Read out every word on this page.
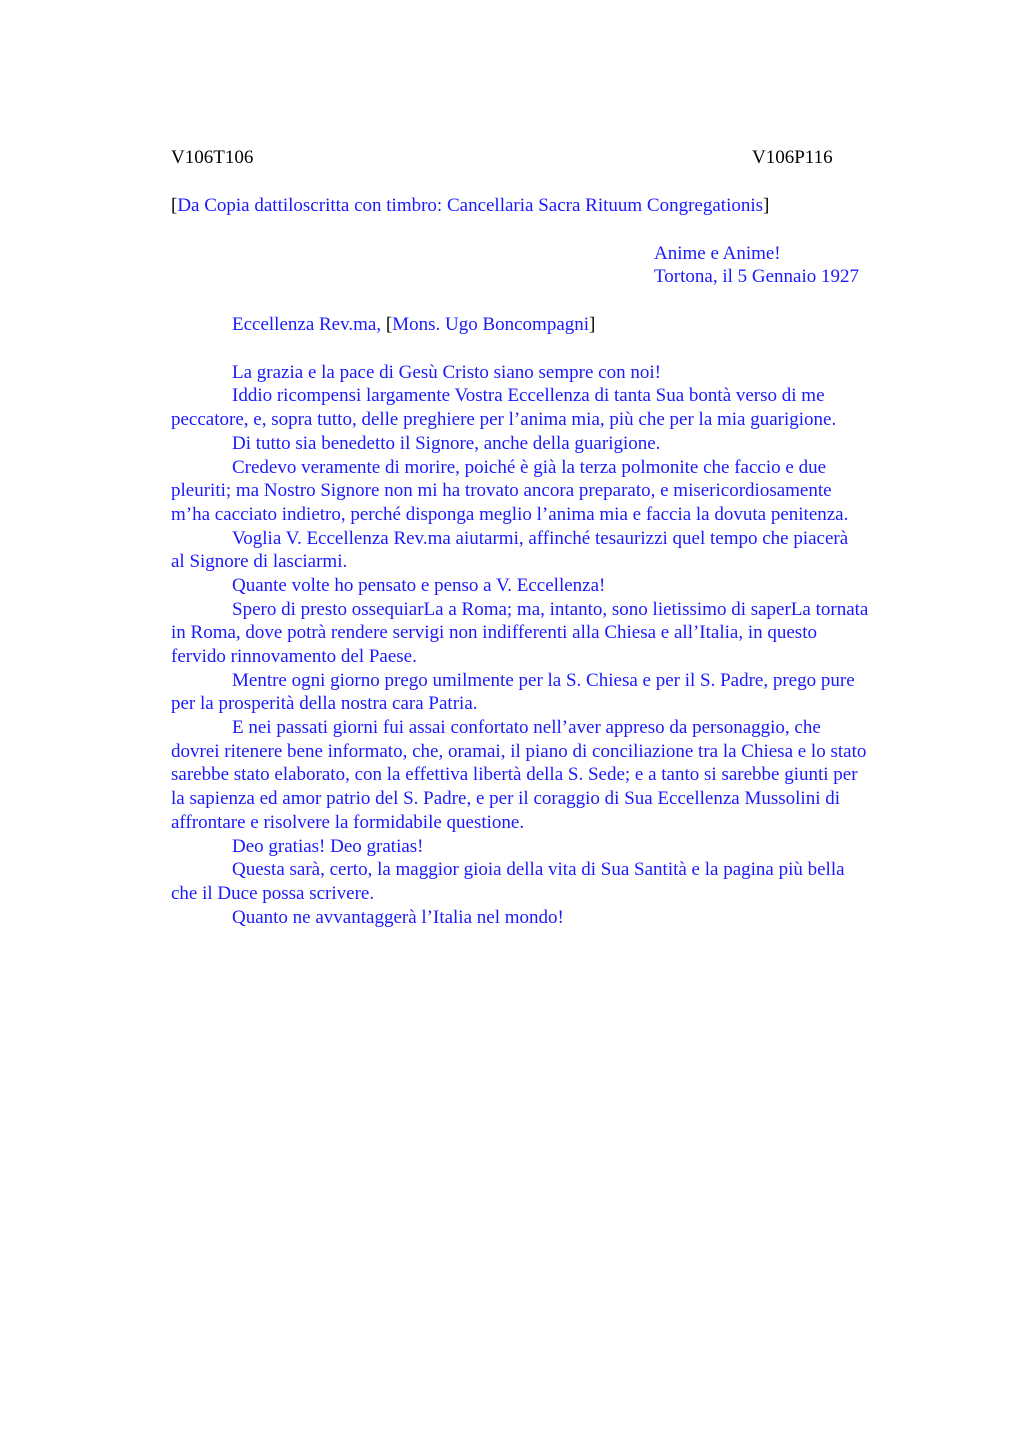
V106T106	V106P116
[Da Copia dattiloscritta con timbro: Cancellaria Sacra Rituum Congregationis]
Anime e Anime!
Tortona, il 5 Gennaio 1927
Eccellenza Rev.ma, [Mons. Ugo Boncompagni]
La grazia e la pace di Gesù Cristo siano sempre con noi!
Iddio ricompensi largamente Vostra Eccellenza di tanta Sua bontà verso di me
peccatore, e, sopra tutto, delle preghiere per l’anima mia, più che per la mia guarigione.
Di tutto sia benedetto il Signore, anche della guarigione.
Credevo veramente di morire, poiché è già la terza polmonite che faccio e due
pleuriti; ma Nostro Signore non mi ha trovato ancora preparato, e misericordiosamente
m’ha cacciato indietro, perché disponga meglio l’anima mia e faccia la dovuta penitenza.
Voglia V. Eccellenza Rev.ma aiutarmi, affinché tesaurizzi quel tempo che piacerà
al Signore di lasciarmi.
Quante volte ho pensato e penso a V. Eccellenza!
Spero di presto ossequiarLa a Roma; ma, intanto, sono lietissimo di saperLa tornata
in Roma, dove potrà rendere servigi non indifferenti alla Chiesa e all’Italia, in questo
fervido rinnovamento del Paese.
Mentre ogni giorno prego umilmente per la S. Chiesa e per il S. Padre, prego pure
per la prosperità della nostra cara Patria.
E nei passati giorni fui assai confortato nell’aver appreso da personaggio, che
dovrei ritenere bene informato, che, oramai, il piano di conciliazione tra la Chiesa e lo stato
sarebbe stato elaborato, con la effettiva libertà della S. Sede; e a tanto si sarebbe giunti per
la sapienza ed amor patrio del S. Padre, e per il coraggio di Sua Eccellenza Mussolini di
affrontare e risolvere la formidabile questione.
Deo gratias! Deo gratias!
Questa sarà, certo, la maggior gioia della vita di Sua Santità e la pagina più bella
che il Duce possa scrivere.
Quanto ne avvantaggerà l’Italia nel mondo!
